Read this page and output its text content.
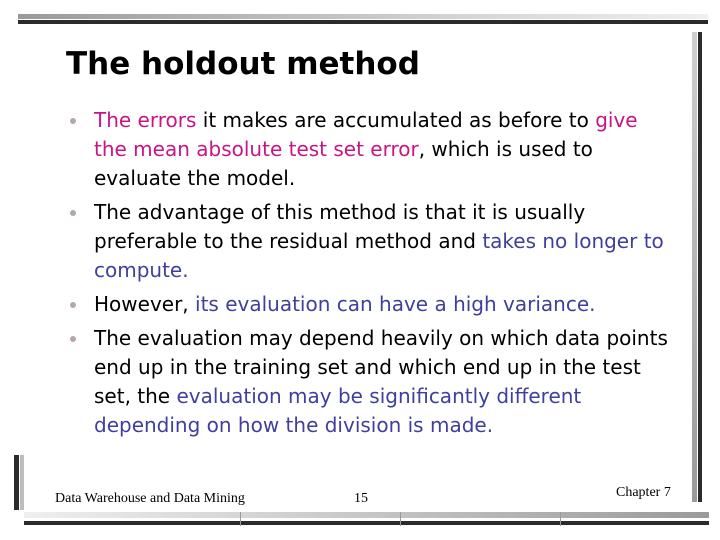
The holdout method
The errors it makes are accumulated as before to give the mean absolute test set error, which is used to evaluate the model.
The advantage of this method is that it is usually preferable to the residual method and takes no longer to compute.
However, its evaluation can have a high variance.
The evaluation may depend heavily on which data points end up in the training set and which end up in the test set, the evaluation may be significantly different depending on how the division is made.
Data Warehouse and Data Mining	15	Chapter 7
